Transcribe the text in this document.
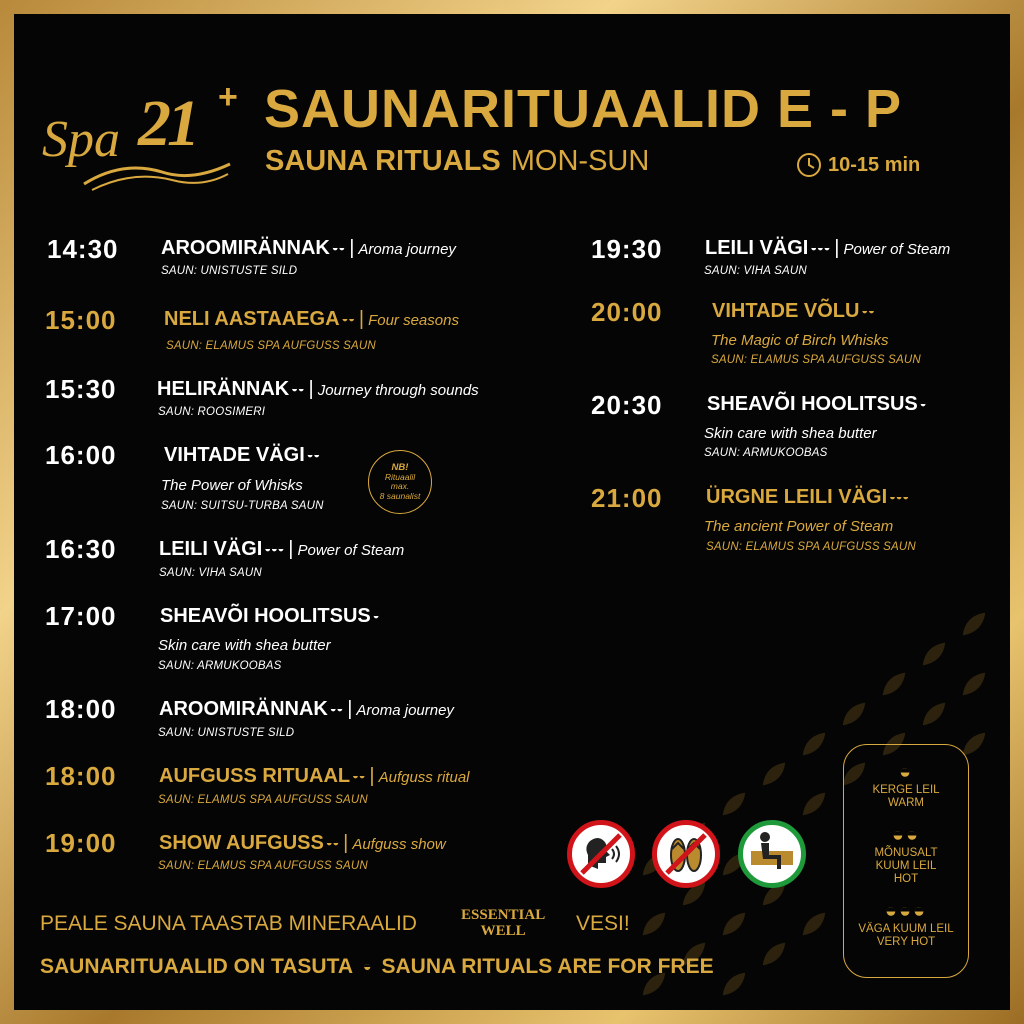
Spa 21 + SAUNARITUAALID E - P
SAUNA RITUALS MON-SUN	10-15 min
14:30 AROOMIRÄNNAK ◒◒ | Aroma journey
SAUN: UNISTUSTE SILD
15:00 NELI AASTAAEGA ◒◒ | Four seasons
SAUN: ELAMUS SPA AUFGUSS SAUN
15:30 HELIRÄNNAK ◒◒ | Journey through sounds
SAUN: ROOSIMERI
16:00 VIHTADE VÄGI ◒◒
The Power of Whisks
SAUN: SUITSU-TURBA SAUN
NB!
Rituaalil
max.
8 saunalist
16:30 LEILI VÄGI ◒◒◒ | Power of Steam
SAUN: VIHA SAUN
17:00 SHEAVÕI HOOLITSUS ◒
Skin care with shea butter
SAUN: ARMUKOOBAS
18:00 AROOMIRÄNNAK ◒◒ | Aroma journey
SAUN: UNISTUSTE SILD
18:00 AUFGUSS RITUAAL ◒◒ | Aufguss ritual
SAUN: ELAMUS SPA AUFGUSS SAUN
19:00 SHOW AUFGUSS ◒◒ | Aufguss show
SAUN: ELAMUS SPA AUFGUSS SAUN
19:30 LEILI VÄGI ◒◒◒ | Power of Steam
SAUN: VIHA SAUN
20:00 VIHTADE VÕLU ◒◒
The Magic of Birch Whisks
SAUN: ELAMUS SPA AUFGUSS SAUN
20:30 SHEAVÕI HOOLITSUS ◒
Skin care with shea butter
SAUN: ARMUKOOBAS
21:00 ÜRGNE LEILI VÄGI ◒◒◒
The ancient Power of Steam
SAUN: ELAMUS SPA AUFGUSS SAUN
◒
KERGE LEIL
WARM
◒◒
MÕNUSALT KUUM LEIL
HOT
◒◒◒
VÄGA KUUM LEIL
VERY HOT
PEALE SAUNA TAASTAB MINERAALID	ESSENTIAL
WELL	VESI!
SAUNARITUAALID ON TASUTA ◒ SAUNA RITUALS ARE FOR FREE
